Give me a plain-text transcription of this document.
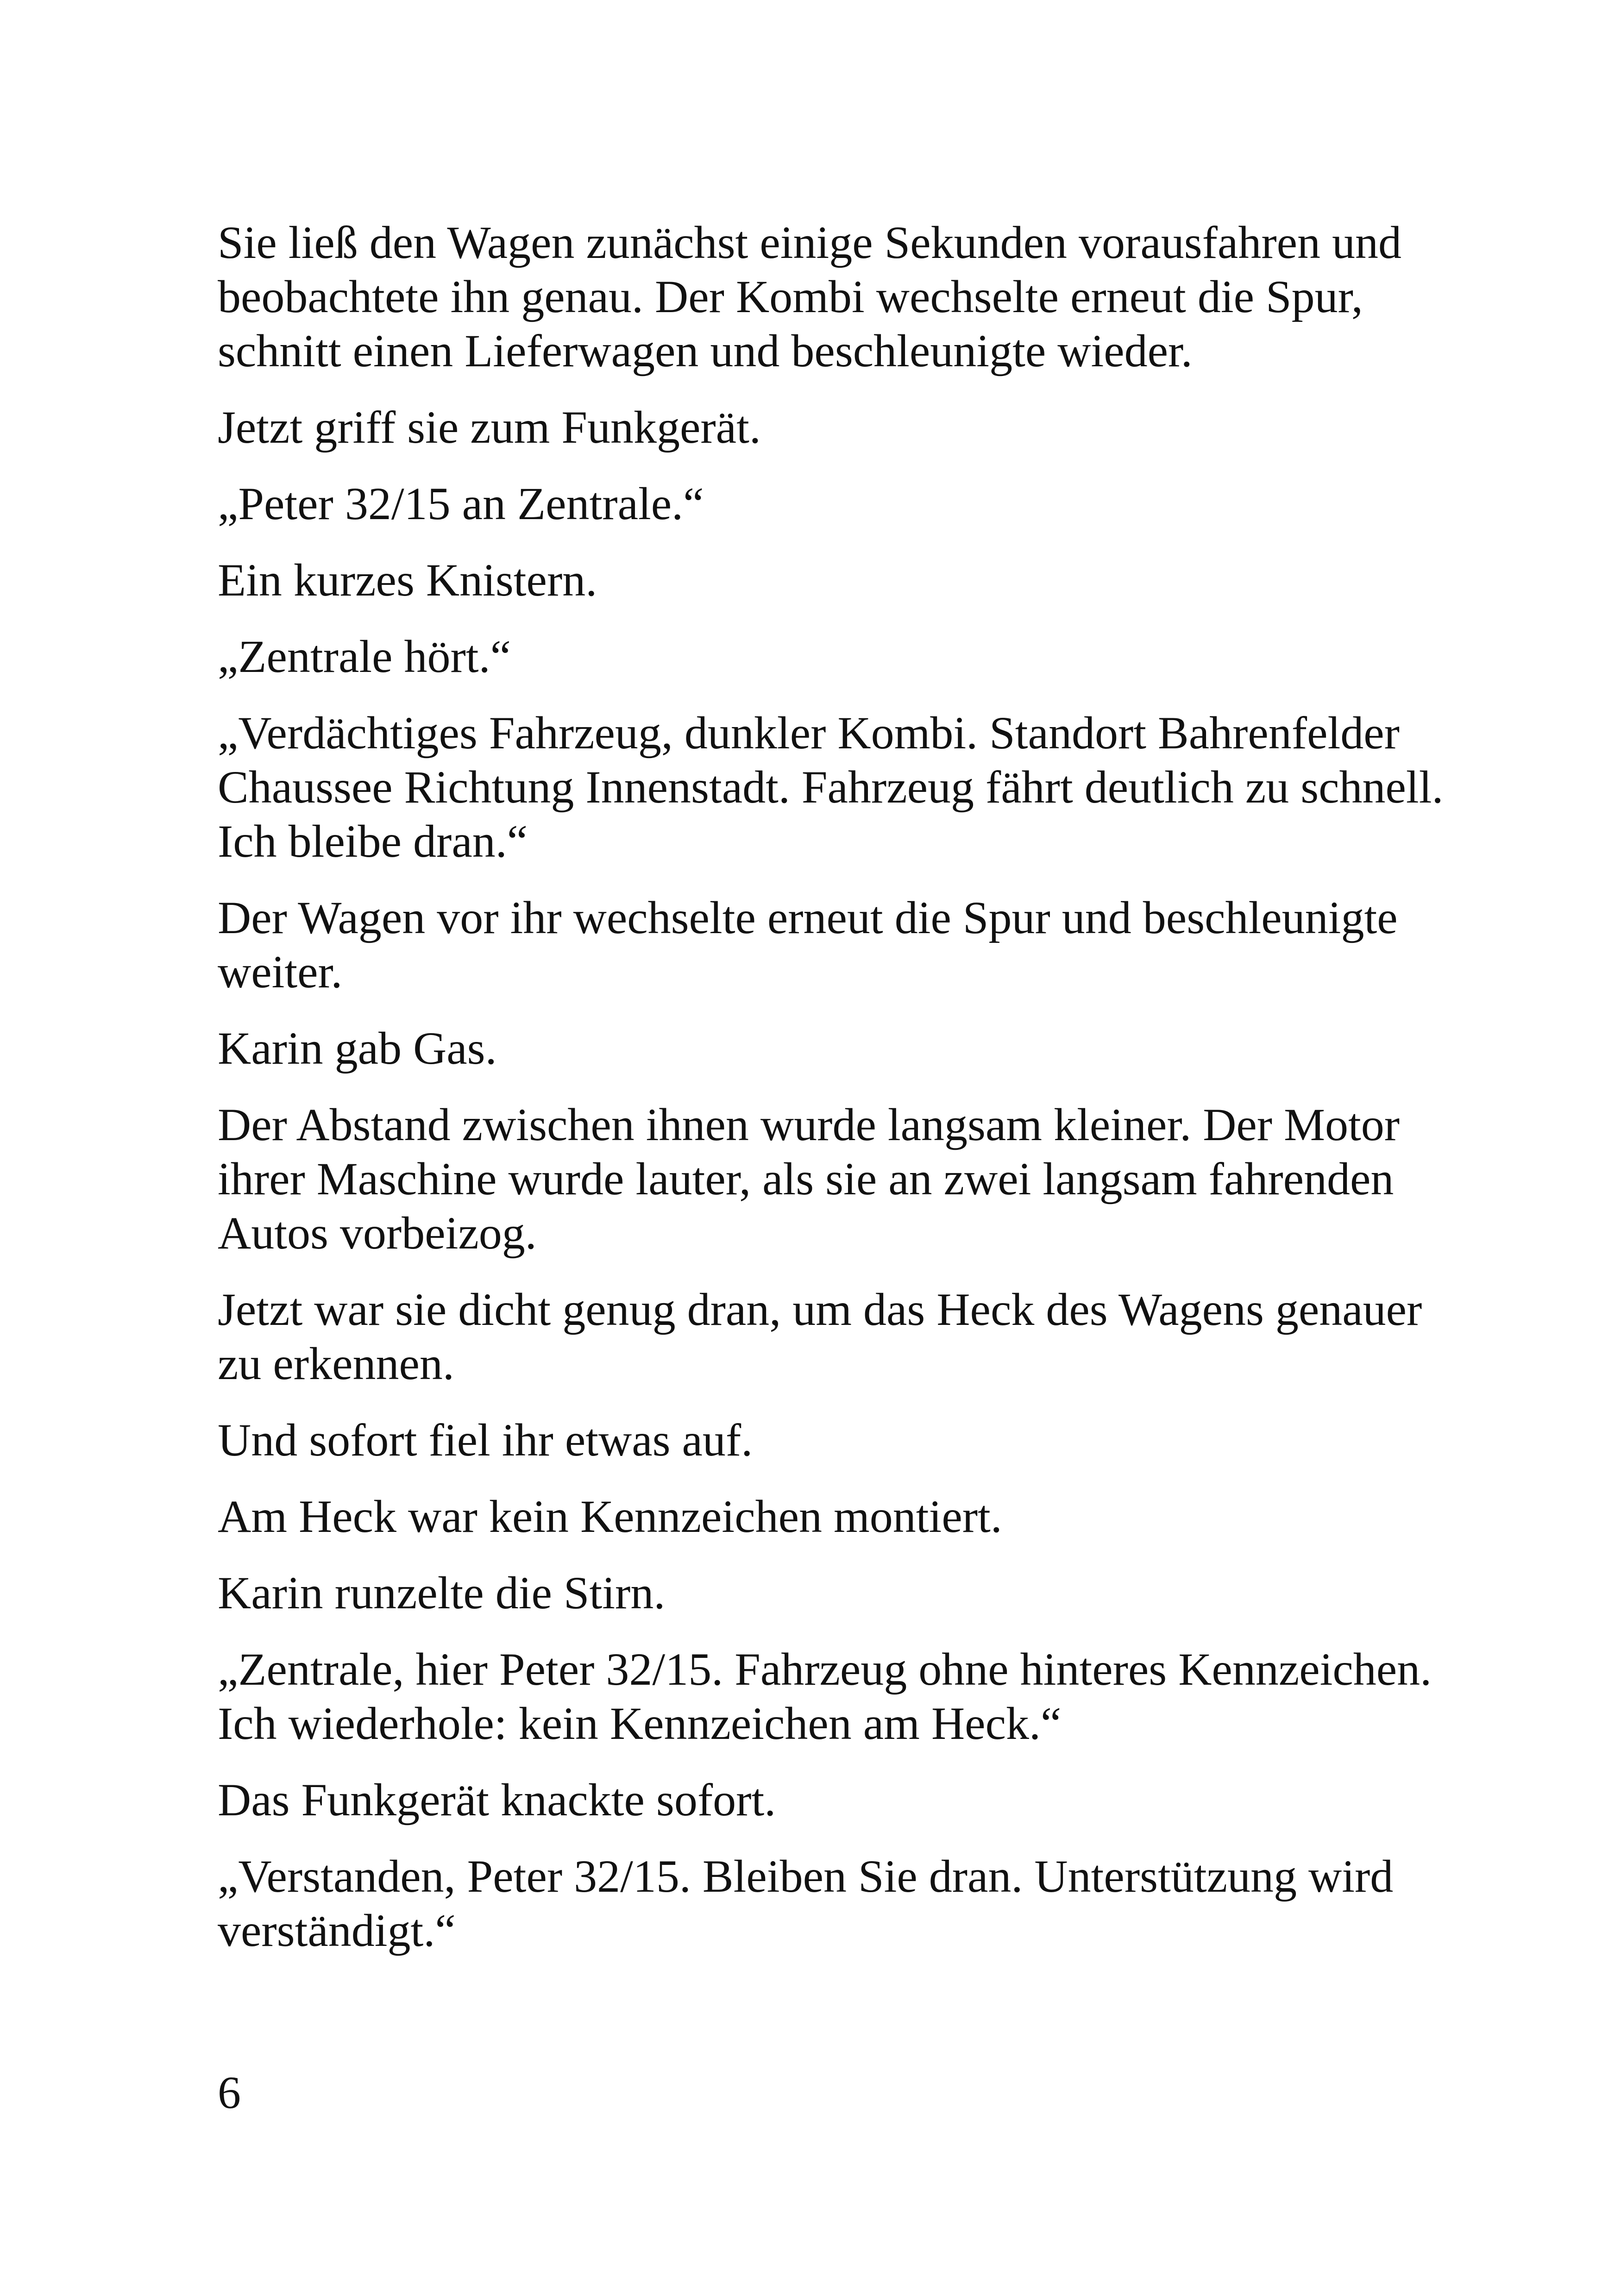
Sie ließ den Wagen zunächst einige Sekunden vorausfahren und beobachtete ihn genau. Der Kombi wechselte erneut die Spur, schnitt einen Lieferwagen und beschleunigte wieder.

Jetzt griff sie zum Funkgerät.

„Peter 32/15 an Zentrale.“

Ein kurzes Knistern.

„Zentrale hört.“

„Verdächtiges Fahrzeug, dunkler Kombi. Standort Bahrenfelder Chaussee Richtung Innenstadt. Fahrzeug fährt deutlich zu schnell. Ich bleibe dran.“

Der Wagen vor ihr wechselte erneut die Spur und beschleunigte weiter.

Karin gab Gas.

Der Abstand zwischen ihnen wurde langsam kleiner. Der Motor ihrer Maschine wurde lauter, als sie an zwei langsam fahrenden Autos vorbeizog.

Jetzt war sie dicht genug dran, um das Heck des Wagens genauer zu erkennen.

Und sofort fiel ihr etwas auf.

Am Heck war kein Kennzeichen montiert.

Karin runzelte die Stirn.

„Zentrale, hier Peter 32/15. Fahrzeug ohne hinteres Kennzeichen. Ich wiederhole: kein Kennzeichen am Heck.“

Das Funkgerät knackte sofort.

„Verstanden, Peter 32/15. Bleiben Sie dran. Unterstützung wird verständigt.“

6
